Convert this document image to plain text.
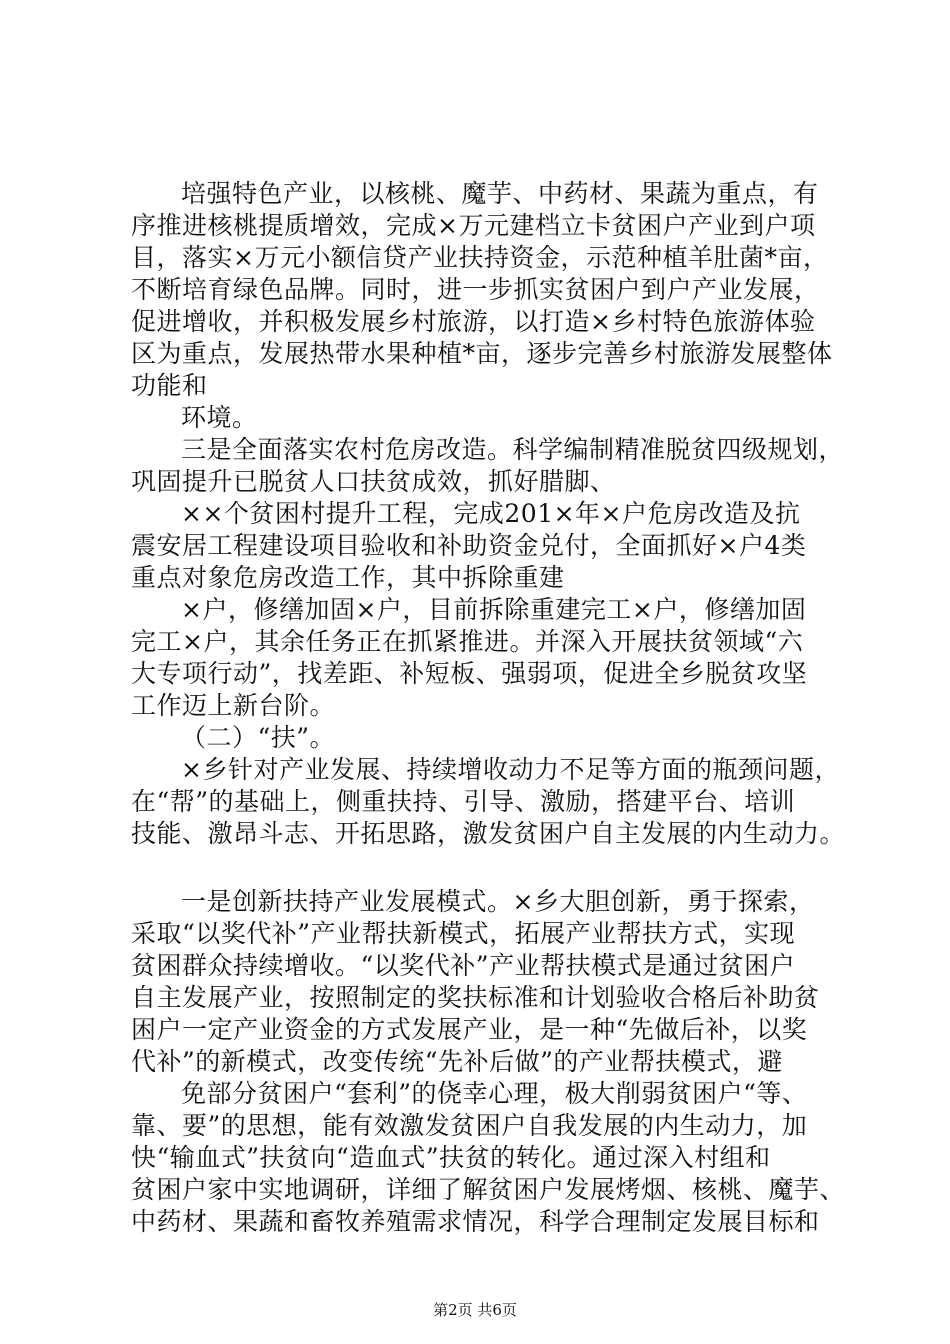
培强特色产业，以核桃、魔芋、中药材、果蔬为重点，有
序推进核桃提质增效，完成×万元建档立卡贫困户产业到户项
目，落实×万元小额信贷产业扶持资金，示范种植羊肚菌*亩，
不断培育绿色品牌。同时，进一步抓实贫困户到户产业发展，
促进增收，并积极发展乡村旅游，以打造×乡村特色旅游体验
区为重点，发展热带水果种植*亩，逐步完善乡村旅游发展整体
功能和
环境。
三是全面落实农村危房改造。科学编制精准脱贫四级规划，
巩固提升已脱贫人口扶贫成效，抓好腊脚、
××个贫困村提升工程，完成201×年×户危房改造及抗
震安居工程建设项目验收和补助资金兑付，全面抓好×户4类
重点对象危房改造工作，其中拆除重建
×户，修缮加固×户，目前拆除重建完工×户，修缮加固
完工×户，其余任务正在抓紧推进。并深入开展扶贫领域“六
大专项行动”，找差距、补短板、强弱项，促进全乡脱贫攻坚
工作迈上新台阶。
（二）“扶”。
×乡针对产业发展、持续增收动力不足等方面的瓶颈问题，
在“帮”的基础上，侧重扶持、引导、激励，搭建平台、培训
技能、激昂斗志、开拓思路，激发贫困户自主发展的内生动力。
一是创新扶持产业发展模式。×乡大胆创新，勇于探索，
采取“以奖代补”产业帮扶新模式，拓展产业帮扶方式，实现
贫困群众持续增收。“以奖代补”产业帮扶模式是通过贫困户
自主发展产业，按照制定的奖扶标准和计划验收合格后补助贫
困户一定产业资金的方式发展产业，是一种“先做后补，以奖
代补”的新模式，改变传统“先补后做”的产业帮扶模式，避
免部分贫困户“套利”的侥幸心理，极大削弱贫困户“等、
靠、要”的思想，能有效激发贫困户自我发展的内生动力，加
快“输血式”扶贫向“造血式”扶贫的转化。通过深入村组和
贫困户家中实地调研，详细了解贫困户发展烤烟、核桃、魔芋、
中药材、果蔬和畜牧养殖需求情况，科学合理制定发展目标和
第2页 共6页
